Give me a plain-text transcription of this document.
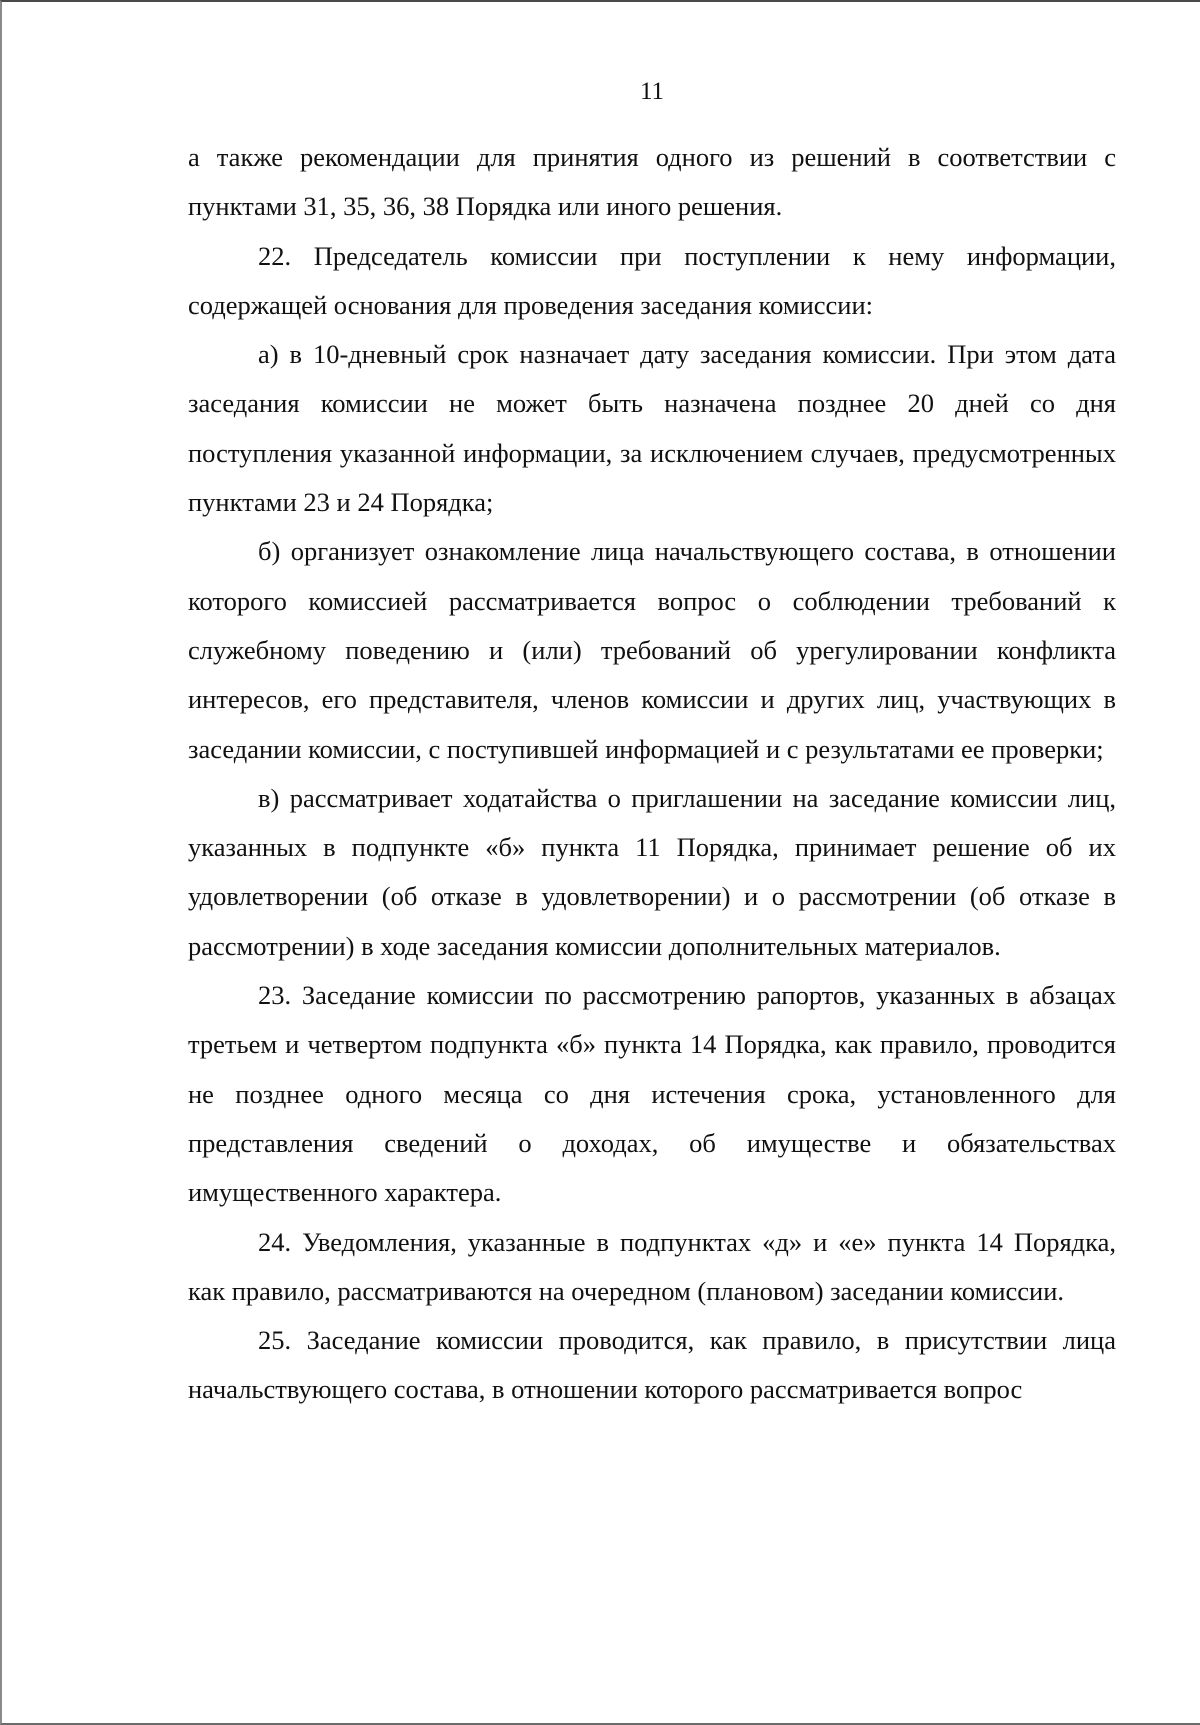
11

а также рекомендации для принятия одного из решений в соответствии с пунктами 31, 35, 36, 38 Порядка или иного решения.

22. Председатель комиссии при поступлении к нему информации, содержащей основания для проведения заседания комиссии:

а) в 10-дневный срок назначает дату заседания комиссии. При этом дата заседания комиссии не может быть назначена позднее 20 дней со дня поступления указанной информации, за исключением случаев, предусмотренных пунктами 23 и 24 Порядка;

б) организует ознакомление лица начальствующего состава, в отношении которого комиссией рассматривается вопрос о соблюдении требований к служебному поведению и (или) требований об урегулировании конфликта интересов, его представителя, членов комиссии и других лиц, участвующих в заседании комиссии, с поступившей информацией и с результатами ее проверки;

в) рассматривает ходатайства о приглашении на заседание комиссии лиц, указанных в подпункте «б» пункта 11 Порядка, принимает решение об их удовлетворении (об отказе в удовлетворении) и о рассмотрении (об отказе в рассмотрении) в ходе заседания комиссии дополнительных материалов.

23. Заседание комиссии по рассмотрению рапортов, указанных в абзацах третьем и четвертом подпункта «б» пункта 14 Порядка, как правило, проводится не позднее одного месяца со дня истечения срока, установленного для представления сведений о доходах, об имуществе и обязательствах имущественного характера.

24. Уведомления, указанные в подпунктах «д» и «е» пункта 14 Порядка, как правило, рассматриваются на очередном (плановом) заседании комиссии.

25. Заседание комиссии проводится, как правило, в присутствии лица начальствующего состава, в отношении которого рассматривается вопрос
